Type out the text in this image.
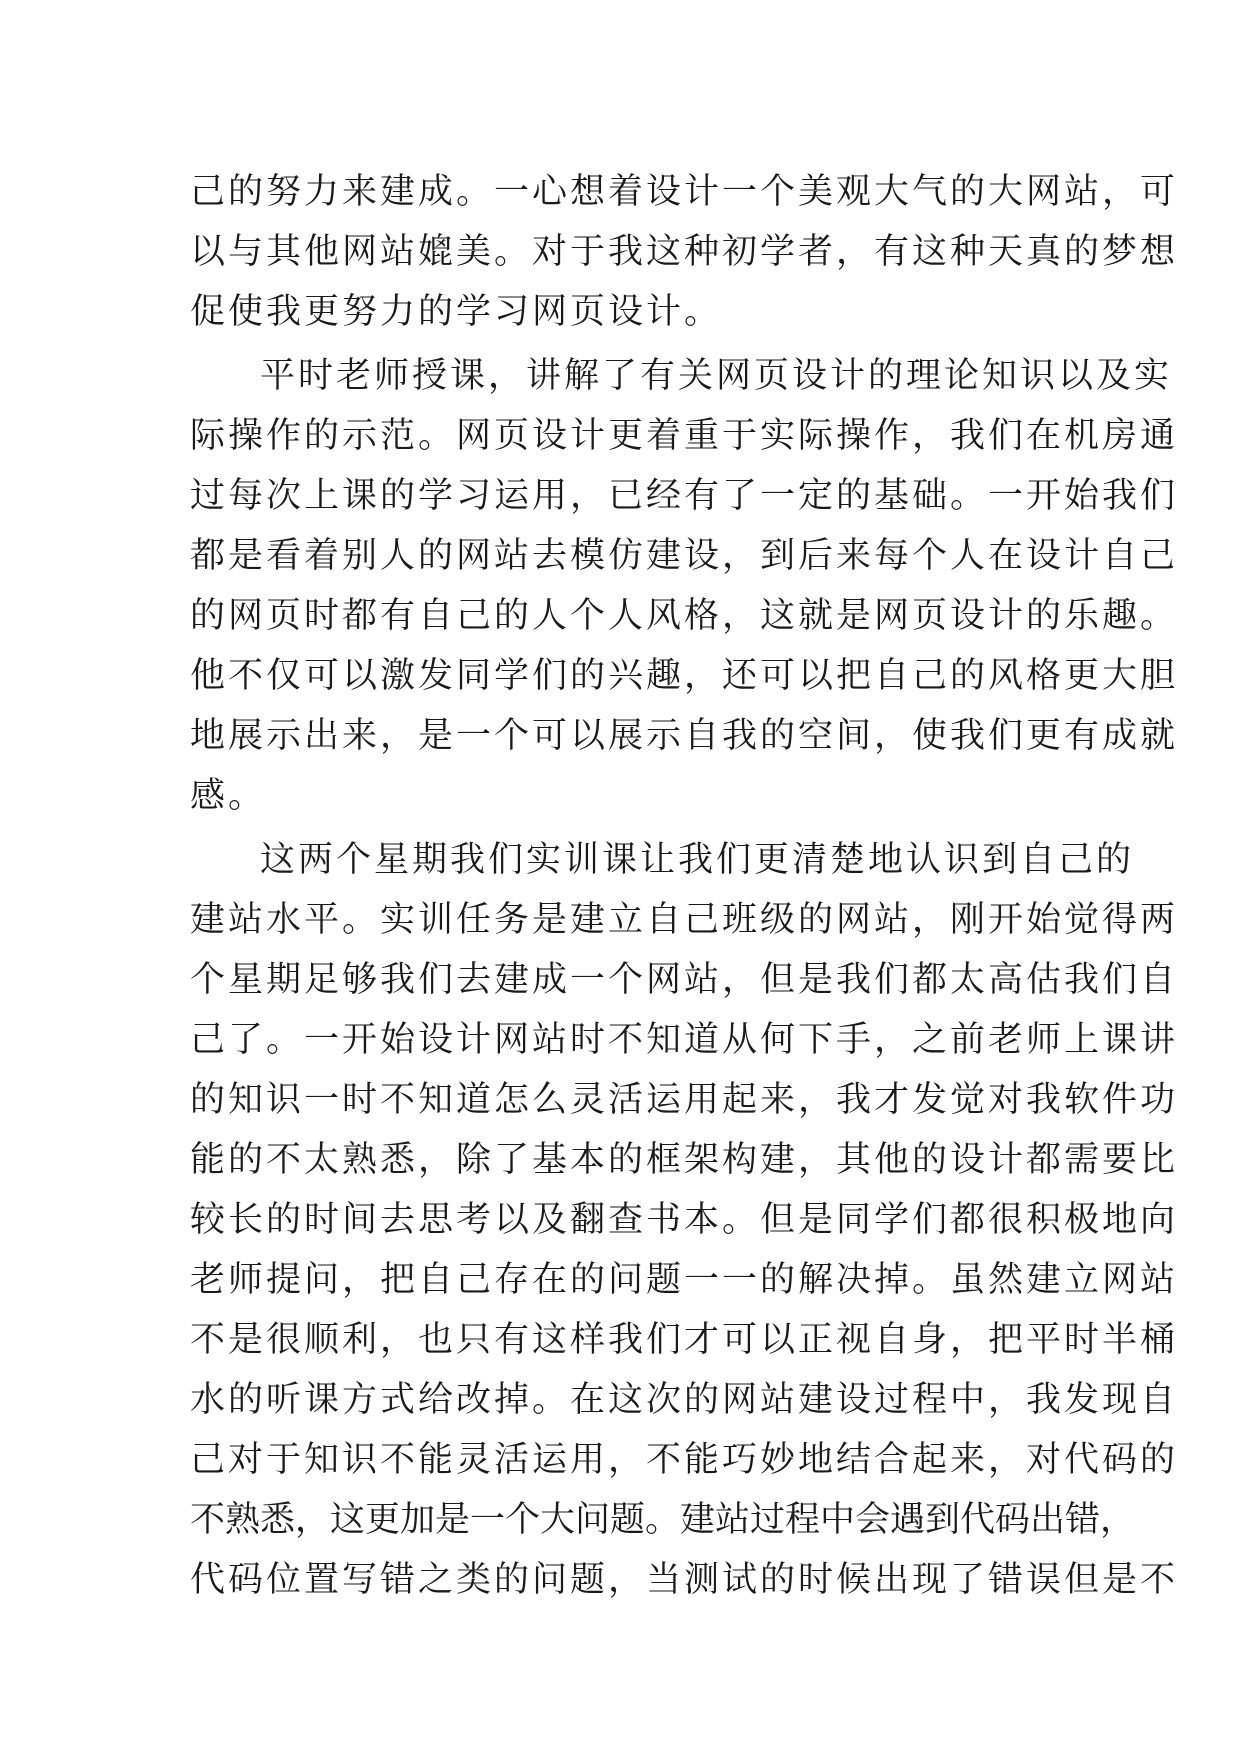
己的努力来建成。一心想着设计一个美观大气的大网站，可
以与其他网站媲美。对于我这种初学者，有这种天真的梦想
促使我更努力的学习网页设计。
平时老师授课，讲解了有关网页设计的理论知识以及实
际操作的示范。网页设计更着重于实际操作，我们在机房通
过每次上课的学习运用，已经有了一定的基础。一开始我们
都是看着别人的网站去模仿建设，到后来每个人在设计自己
的网页时都有自己的人个人风格，这就是网页设计的乐趣。
他不仅可以激发同学们的兴趣，还可以把自己的风格更大胆
地展示出来，是一个可以展示自我的空间，使我们更有成就
感。
这两个星期我们实训课让我们更清楚地认识到自己的
建站水平。实训任务是建立自己班级的网站，刚开始觉得两
个星期足够我们去建成一个网站，但是我们都太高估我们自
己了。一开始设计网站时不知道从何下手，之前老师上课讲
的知识一时不知道怎么灵活运用起来，我才发觉对我软件功
能的不太熟悉，除了基本的框架构建，其他的设计都需要比
较长的时间去思考以及翻查书本。但是同学们都很积极地向
老师提问，把自己存在的问题一一的解决掉。虽然建立网站
不是很顺利，也只有这样我们才可以正视自身，把平时半桶
水的听课方式给改掉。在这次的网站建设过程中，我发现自
己对于知识不能灵活运用，不能巧妙地结合起来，对代码的
不熟悉，这更加是一个大问题。建站过程中会遇到代码出错，
代码位置写错之类的问题，当测试的时候出现了错误但是不
